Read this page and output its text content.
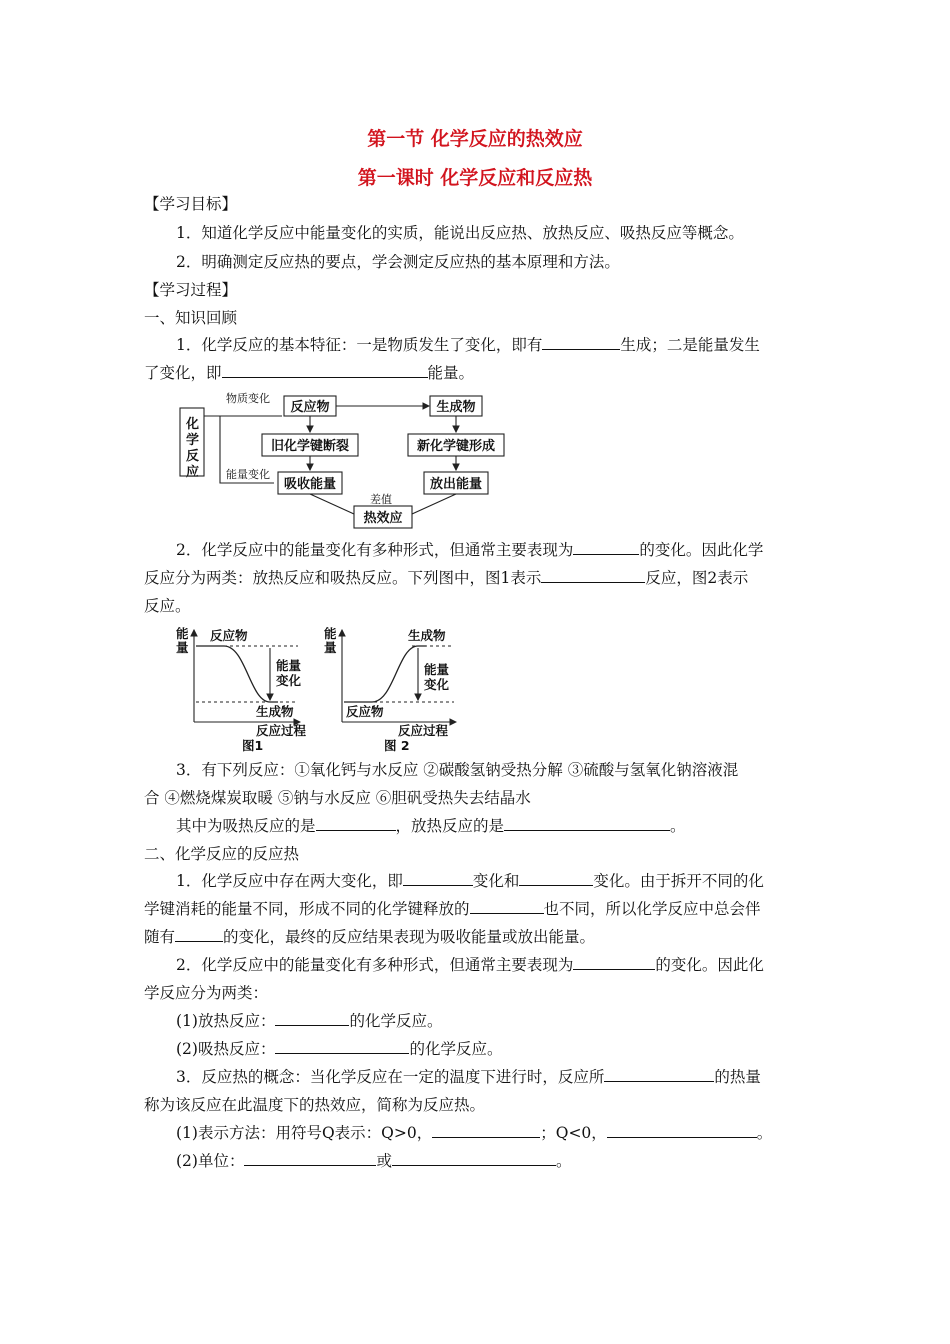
第一节 化学反应的热效应
第一课时 化学反应和反应热
【学习目标】
1．知道化学反应中能量变化的实质，能说出反应热、放热反应、吸热反应等概念。
2．明确测定反应热的要点，学会测定反应热的基本原理和方法。
【学习过程】
一、知识回顾
1．化学反应的基本特征：一是物质发生了变化，即有	生成；二是能量发生
了变化，即	能量。
化
学
反
应
物质变化
能量变化
差值
反应物	生成物
旧化学键断裂	新化学键形成
吸收能量	放出能量
热效应
2．化学反应中的能量变化有多种形式，但通常主要表现为	的变化。因此化学
反应分为两类：放热反应和吸热反应。下列图中，图1表示	反应，图2表示
反应。
能
量
反应物
能量
变化
生成物
反应过程
图1
能
量
生成物
能量
变化
反应物
反应过程
图 2
3．有下列反应：①氧化钙与水反应 ②碳酸氢钠受热分解 ③硫酸与氢氧化钠溶液混
合 ④燃烧煤炭取暖 ⑤钠与水反应 ⑥胆矾受热失去结晶水
其中为吸热反应的是	，放热反应的是	。
二、化学反应的反应热
1．化学反应中存在两大变化，即	变化和	变化。由于拆开不同的化
学键消耗的能量不同，形成不同的化学键释放的	也不同，所以化学反应中总会伴
随有	的变化，最终的反应结果表现为吸收能量或放出能量。
2．化学反应中的能量变化有多种形式，但通常主要表现为	的变化。因此化
学反应分为两类：
(1)放热反应：	的化学反应。
(2)吸热反应：	的化学反应。
3．反应热的概念：当化学反应在一定的温度下进行时，反应所	的热量
称为该反应在此温度下的热效应，简称为反应热。
(1)表示方法：用符号Q表示：Q>0，	；Q<0，	。
(2)单位：	或	。
